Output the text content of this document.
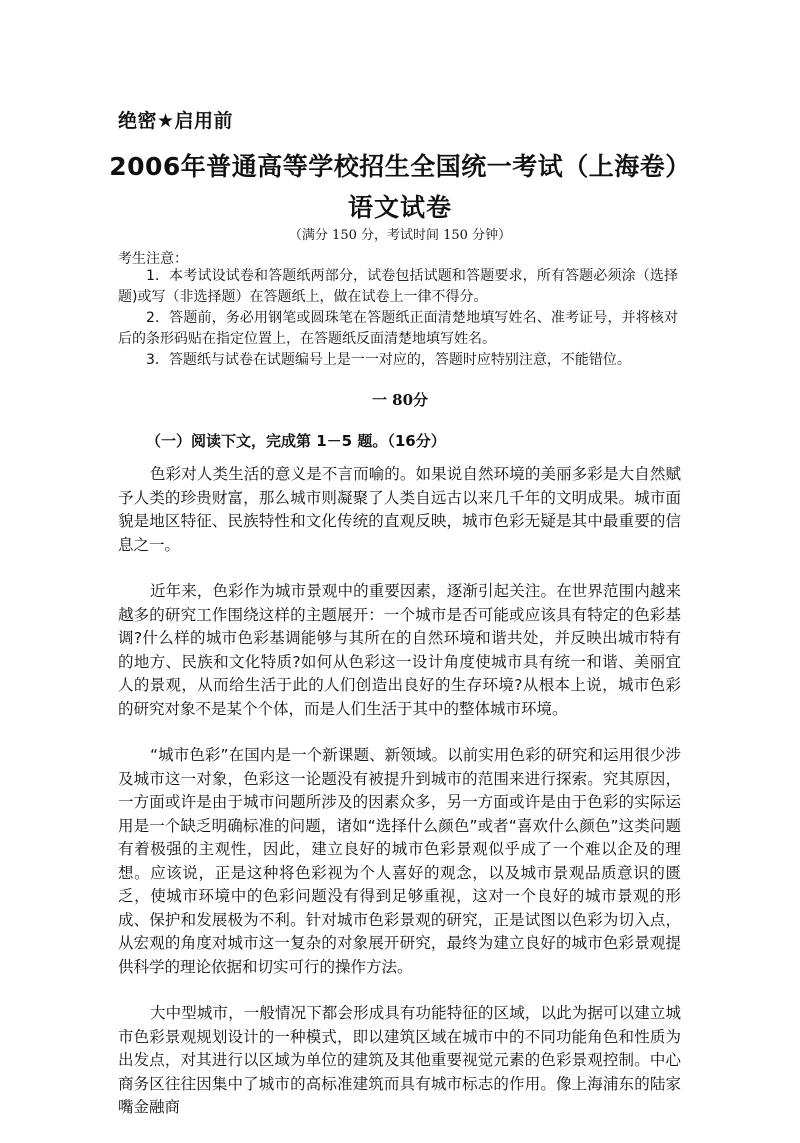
绝密★启用前
2006年普通高等学校招生全国统一考试（上海卷）
语文试卷
（满分 150 分，考试时间 150 分钟）
考生注意：
1．本考试设试卷和答题纸两部分，试卷包括试题和答题要求，所有答题必须涂（选择题)或写（非选择题）在答题纸上，做在试卷上一律不得分。
2．答题前，务必用钢笔或圆珠笔在答题纸正面清楚地填写姓名、准考证号，并将核对后的条形码贴在指定位置上，在答题纸反面清楚地填写姓名。
3．答题纸与试卷在试题编号上是一一对应的，答题时应特别注意，不能错位。
一 80分
（一）阅读下文，完成第 1－5 题。（16分）

色彩对人类生活的意义是不言而喻的。如果说自然环境的美丽多彩是大自然赋予人类的珍贵财富，那么城市则凝聚了人类自远古以来几千年的文明成果。城市面貌是地区特征、民族特性和文化传统的直观反映，城市色彩无疑是其中最重要的信息之一。

近年来，色彩作为城市景观中的重要因素，逐渐引起关注。在世界范围内越来越多的研究工作围绕这样的主题展开：一个城市是否可能或应该具有特定的色彩基调?什么样的城市色彩基调能够与其所在的自然环境和谐共处，并反映出城市特有的地方、民族和文化特质?如何从色彩这一设计角度使城市具有统一和谐、美丽宜人的景观，从而给生活于此的人们创造出良好的生存环境?从根本上说，城市色彩的研究对象不是某个个体，而是人们生活于其中的整体城市环境。

“城市色彩”在国内是一个新课题、新领域。以前实用色彩的研究和运用很少涉及城市这一对象，色彩这一论题没有被提升到城市的范围来进行探索。究其原因，一方面或许是由于城市问题所涉及的因素众多，另一方面或许是由于色彩的实际运用是一个缺乏明确标准的问题，诸如“选择什么颜色”或者“喜欢什么颜色”这类问题有着极强的主观性，因此，建立良好的城市色彩景观似乎成了一个难以企及的理想。应该说，正是这种将色彩视为个人喜好的观念，以及城市景观品质意识的匮乏，使城市环境中的色彩问题没有得到足够重视，这对一个良好的城市景观的形成、保护和发展极为不利。针对城市色彩景观的研究，正是试图以色彩为切入点，从宏观的角度对城市这一复杂的对象展开研究，最终为建立良好的城市色彩景观提供科学的理论依据和切实可行的操作方法。

大中型城市，一般情况下都会形成具有功能特征的区域，以此为据可以建立城市色彩景观规划设计的一种模式，即以建筑区域在城市中的不同功能角色和性质为出发点，对其进行以区域为单位的建筑及其他重要视觉元素的色彩景观控制。中心商务区往往因集中了城市的高标准建筑而具有城市标志的作用。像上海浦东的陆家嘴金融商
